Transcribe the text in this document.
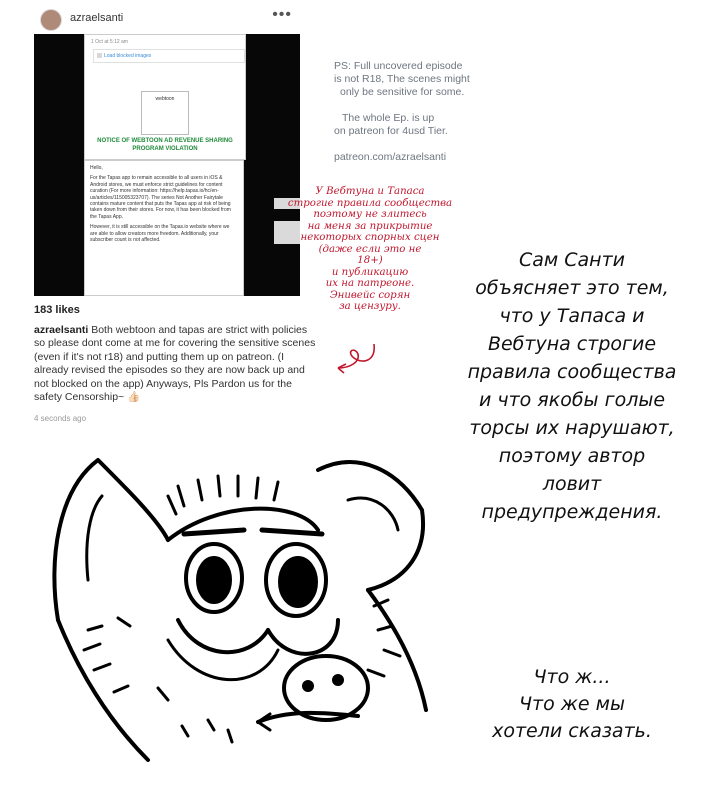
azraelsanti	•••
1 Oct at 5:12 am
Load blocked images
webtoon
NOTICE OF WEBTOON AD REVENUE SHARING PROGRAM VIOLATION

Hello,

For the Tapas app to remain accessible to all users in iOS & Android stores, we must enforce strict guidelines for content curation (For more information: https://help.tapas.io/hc/en-us/articles/115005323707). The series Not Another Fairytale contains mature content that puts the Tapas app at risk of being taken down from their stores. For now, it has been blocked from the Tapas App.

However, it is still accessible on the Tapas.io website where we are able to allow creators more freedom. Additionally, your subscriber count is not affected.

183 likes
azraelsanti Both webtoon and tapas are strict with policies so please dont come at me for covering the sensitive scenes (even if it's not r18) and putting them up on patreon. (I already revised the episodes so they are now back up and not blocked on the app) Anyways, Pls Pardon us for the safety Censorship~ 👍🏻
4 seconds ago

PS: Full uncovered episode
is not R18, The scenes might
only be sensitive for some.

The whole Ep. is up
on patreon for 4usd Tier.

patreon.com/azraelsanti

У Вебтуна и Тапаса
строгие правила сообщества
поэтому не злитесь
на меня за прикрытие
некоторых спорных сцен
(даже если это не
18+)
и публикацию
их на патреоне.
Энивейс сорян
за цензуру.
Сам Санти
объясняет это тем,
что у Тапаса и
Вебтуна строгие
правила сообщества
и что якобы голые
торсы их нарушают,
поэтому автор
ловит
предупреждения.
Что ж...
Что же мы
хотели сказать.
